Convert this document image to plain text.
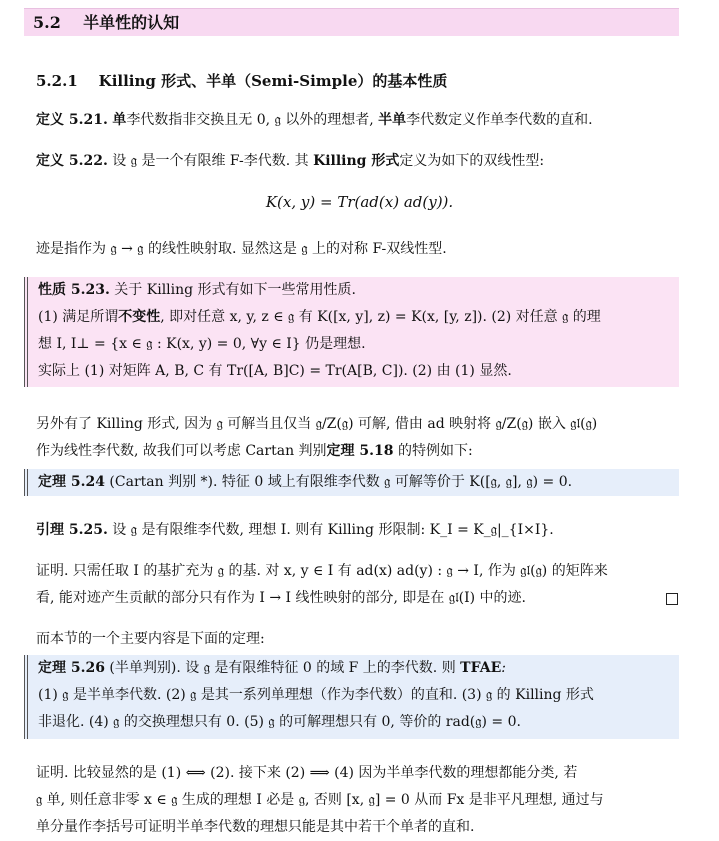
5.2 半单性的认知
5.2.1 Killing 形式、半单（Semi-Simple）的基本性质
定义 5.21. 单李代数指非交换且无 0, 𝔤 以外的理想者, 半单李代数定义作单李代数的直和.
定义 5.22. 设 𝔤 是一个有限维 F-李代数. 其 Killing 形式定义为如下的双线性型:
K(x, y) = Tr(ad(x) ad(y)).
迹是指作为 𝔤 → 𝔤 的线性映射取. 显然这是 𝔤 上的对称 F-双线性型.
性质 5.23. 关于 Killing 形式有如下一些常用性质.
(1) 满足所谓不变性, 即对任意 x, y, z ∈ 𝔤 有 K([x, y], z) = K(x, [y, z]). (2) 对任意 𝔤 的理
想 I, I⊥ = {x ∈ 𝔤 : K(x, y) = 0, ∀y ∈ I} 仍是理想.
实际上 (1) 对矩阵 A, B, C 有 Tr([A, B]C) = Tr(A[B, C]). (2) 由 (1) 显然.
另外有了 Killing 形式, 因为 𝔤 可解当且仅当 𝔤/Z(𝔤) 可解, 借由 ad 映射将 𝔤/Z(𝔤) 嵌入 𝔤𝔩(𝔤)
作为线性李代数, 故我们可以考虑 Cartan 判别定理 5.18 的特例如下:
定理 5.24 (Cartan 判别 *). 特征 0 域上有限维李代数 𝔤 可解等价于 K([𝔤, 𝔤], 𝔤) = 0.
引理 5.25. 设 𝔤 是有限维李代数, 理想 I. 则有 Killing 形限制: K_I = K_𝔤|_{I×I}.
证明. 只需任取 I 的基扩充为 𝔤 的基. 对 x, y ∈ I 有 ad(x) ad(y) : 𝔤 → I, 作为 𝔤𝔩(𝔤) 的矩阵来
看, 能对迹产生贡献的部分只有作为 I → I 线性映射的部分, 即是在 𝔤𝔩(I) 中的迹.
而本节的一个主要内容是下面的定理:
定理 5.26 (半单判别). 设 𝔤 是有限维特征 0 的域 F 上的李代数. 则 TFAE:
(1) 𝔤 是半单李代数. (2) 𝔤 是其一系列单理想（作为李代数）的直和. (3) 𝔤 的 Killing 形式
非退化. (4) 𝔤 的交换理想只有 0. (5) 𝔤 的可解理想只有 0, 等价的 rad(𝔤) = 0.
证明. 比较显然的是 (1) ⟺ (2). 接下来 (2) ⟹ (4) 因为半单李代数的理想都能分类, 若
𝔤 单, 则任意非零 x ∈ 𝔤 生成的理想 I 必是 𝔤, 否则 [x, 𝔤] = 0 从而 Fx 是非平凡理想, 通过与
单分量作李括号可证明半单李代数的理想只能是其中若干个单者的直和.
